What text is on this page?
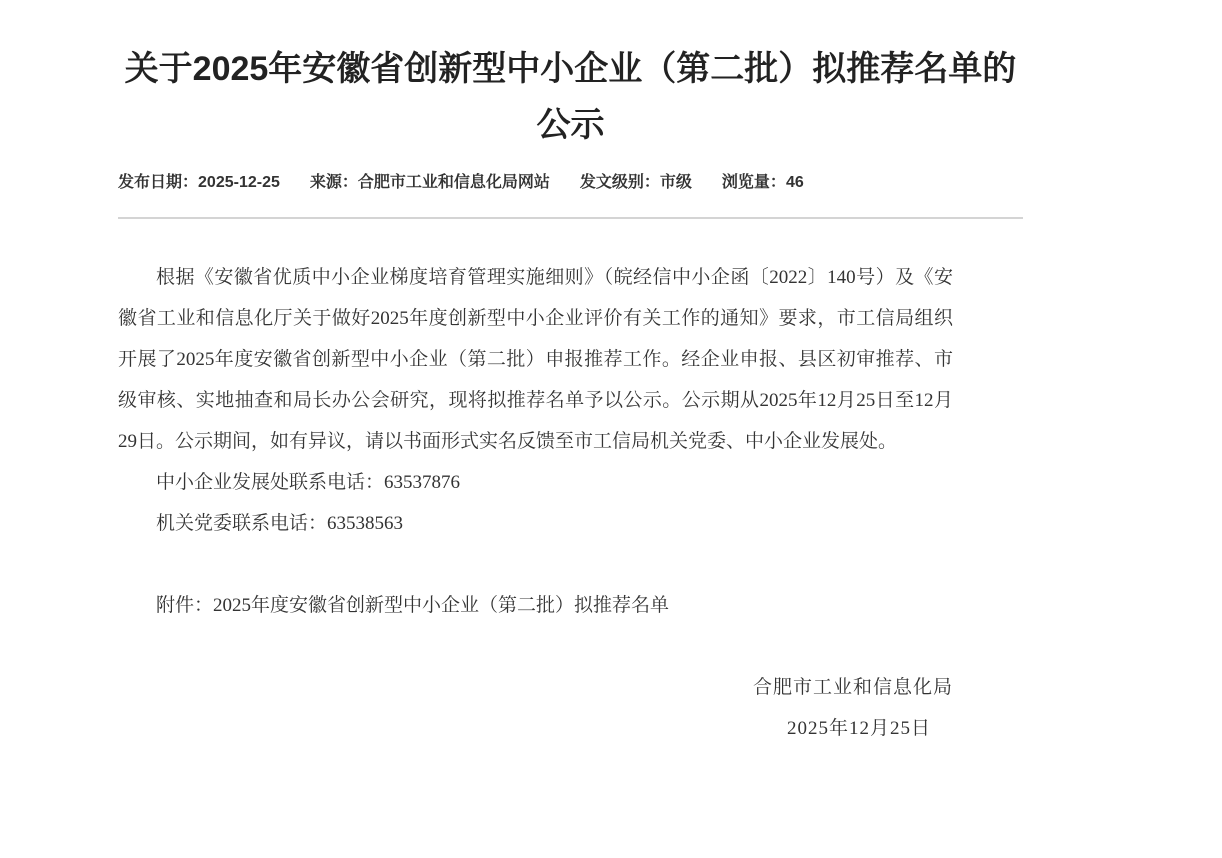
关于2025年安徽省创新型中小企业（第二批）拟推荐名单的公示
发布日期：2025-12-25 来源：合肥市工业和信息化局网站 发文级别：市级 浏览量：46

根据《安徽省优质中小企业梯度培育管理实施细则》（皖经信中小企函〔2022〕140号）及《安徽省工业和信息化厅关于做好2025年度创新型中小企业评价有关工作的通知》要求，市工信局组织开展了2025年度安徽省创新型中小企业（第二批）申报推荐工作。经企业申报、县区初审推荐、市级审核、实地抽查和局长办公会研究，现将拟推荐名单予以公示。公示期从2025年12月25日至12月29日。公示期间，如有异议，请以书面形式实名反馈至市工信局机关党委、中小企业发展处。

中小企业发展处联系电话：63537876

机关党委联系电话：63538563

附件：2025年度安徽省创新型中小企业（第二批）拟推荐名单

合肥市工业和信息化局

2025年12月25日
